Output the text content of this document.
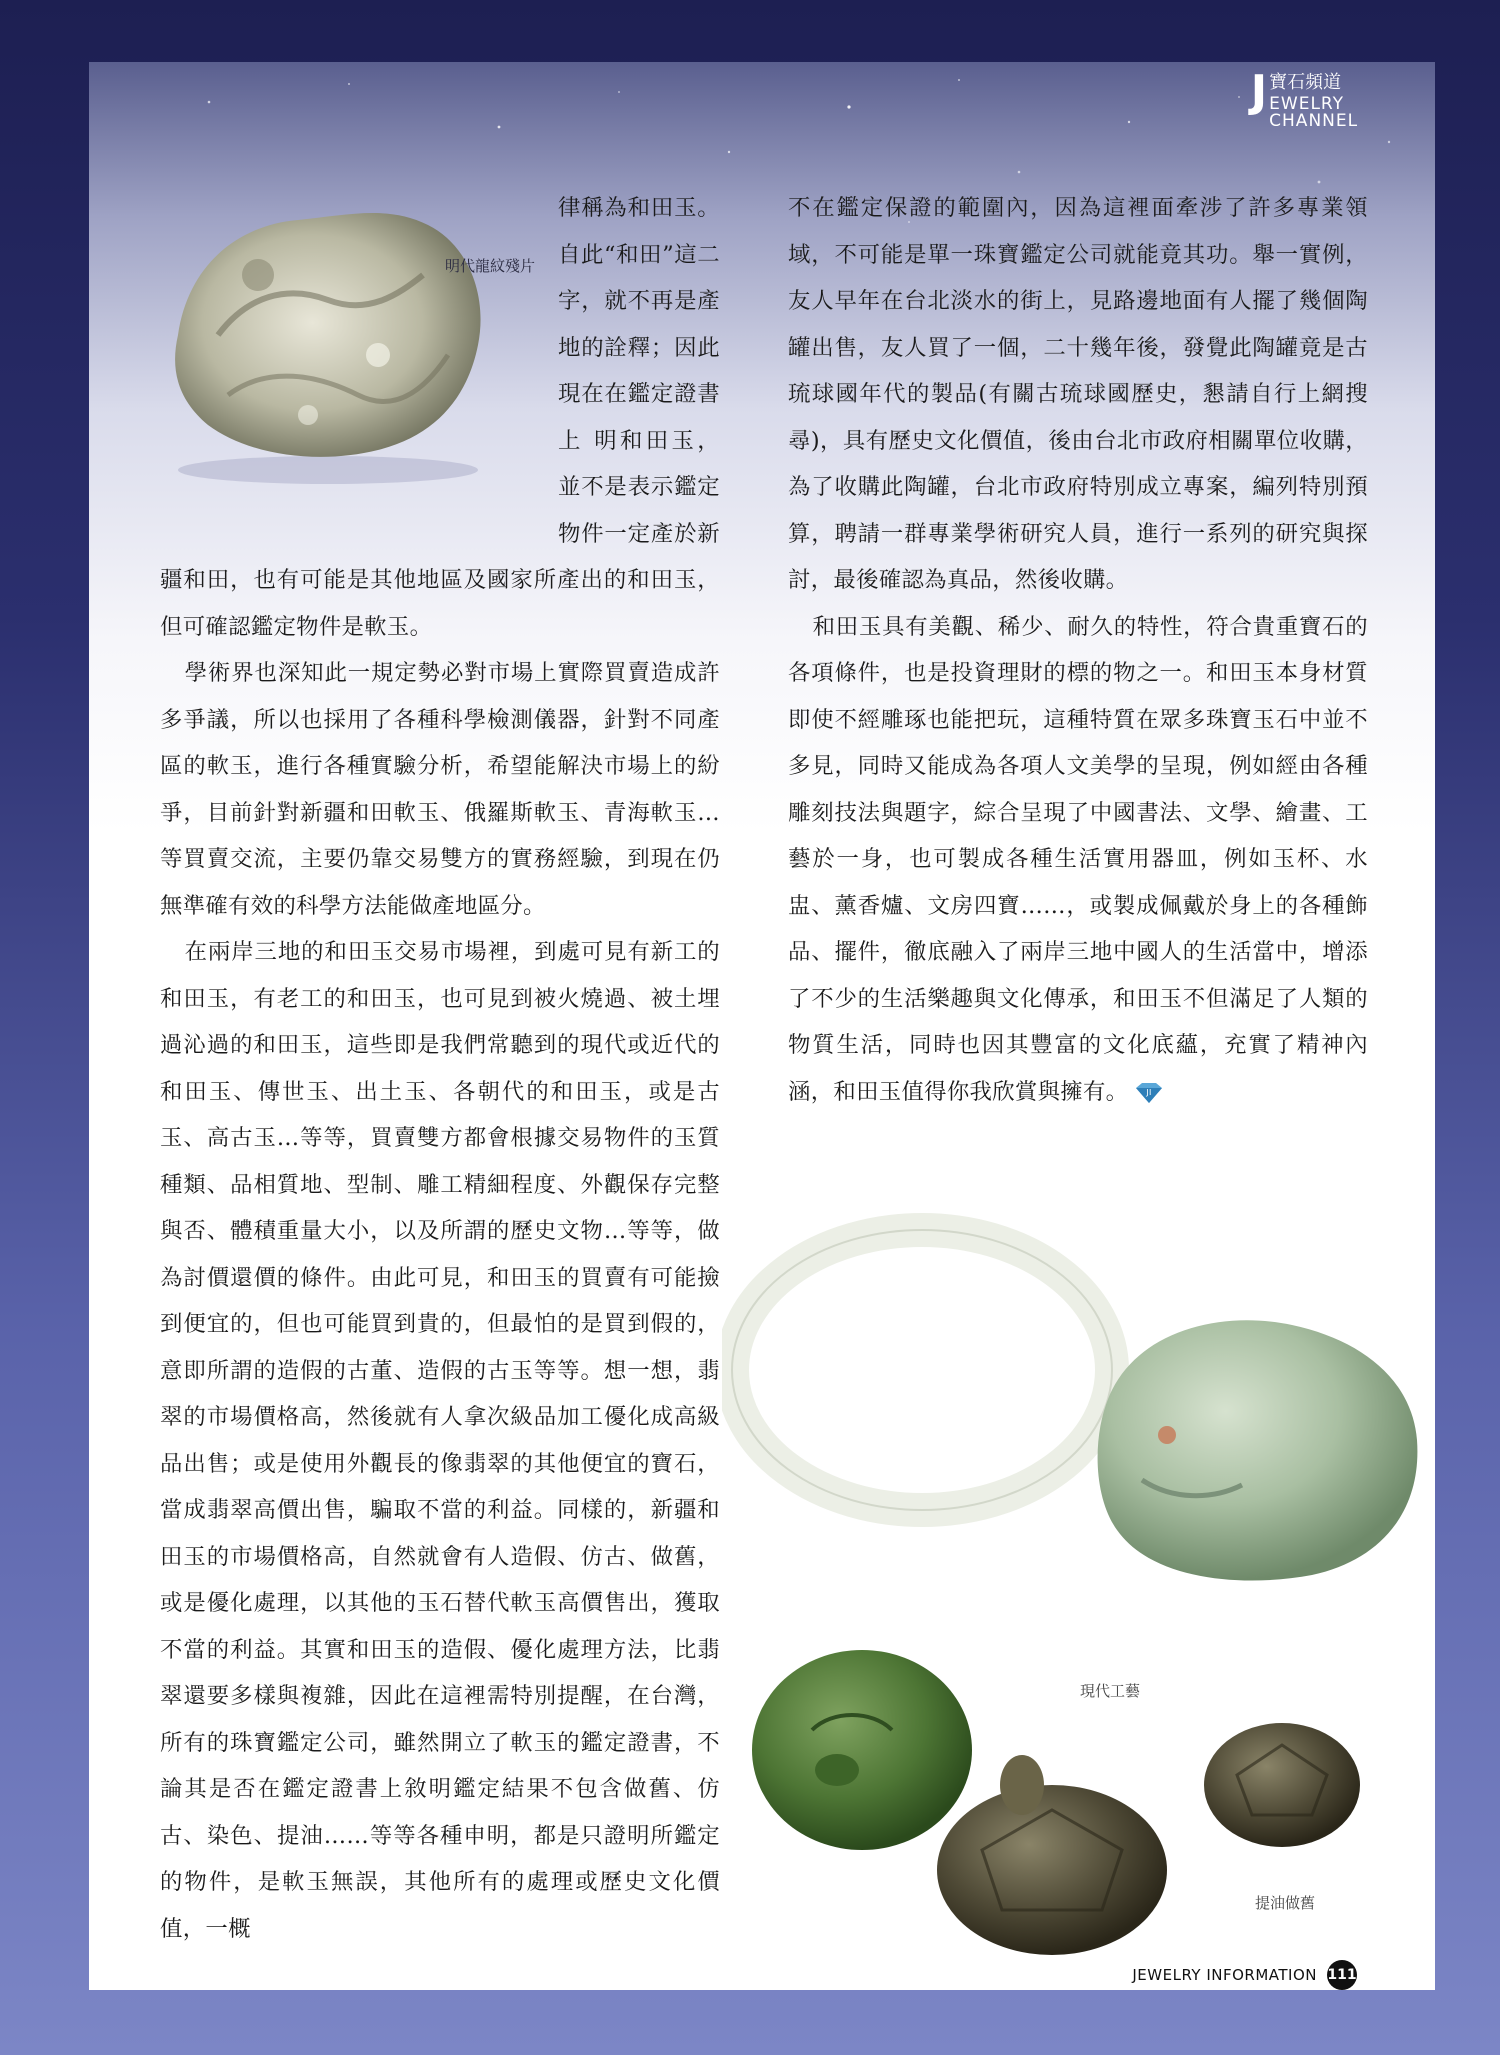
J 寶石頻道
EWELRY CHANNEL
明代龍紋殘片

律稱為和田玉。自此“和田”這二字，就不再是產地的詮釋；因此現在在鑑定證書上 明和田玉，並不是表示鑑定物件一定產於新疆和田，也有可能是其他地區及國家所產出的和田玉，但可確認鑑定物件是軟玉。

學術界也深知此一規定勢必對市場上實際買賣造成許多爭議，所以也採用了各種科學檢測儀器，針對不同產區的軟玉，進行各種實驗分析，希望能解決市場上的紛爭，目前針對新疆和田軟玉、俄羅斯軟玉、青海軟玉…等買賣交流，主要仍靠交易雙方的實務經驗，到現在仍無準確有效的科學方法能做產地區分。

在兩岸三地的和田玉交易市場裡，到處可見有新工的和田玉，有老工的和田玉，也可見到被火燒過、被土埋過沁過的和田玉，這些即是我們常聽到的現代或近代的和田玉、傳世玉、出土玉、各朝代的和田玉，或是古玉、高古玉…等等，買賣雙方都會根據交易物件的玉質種類、品相質地、型制、雕工精細程度、外觀保存完整與否、體積重量大小，以及所謂的歷史文物…等等，做為討價還價的條件。由此可見，和田玉的買賣有可能撿到便宜的，但也可能買到貴的，但最怕的是買到假的，意即所謂的造假的古董、造假的古玉等等。想一想，翡翠的市場價格高，然後就有人拿次級品加工優化成高級品出售；或是使用外觀長的像翡翠的其他便宜的寶石，當成翡翠高價出售，騙取不當的利益。同樣的，新疆和田玉的市場價格高，自然就會有人造假、仿古、做舊，或是優化處理，以其他的玉石替代軟玉高價售出，獲取不當的利益。其實和田玉的造假、優化處理方法，比翡翠還要多樣與複雜，因此在這裡需特別提醒，在台灣，所有的珠寶鑑定公司，雖然開立了軟玉的鑑定證書，不論其是否在鑑定證書上敘明鑑定結果不包含做舊、仿古、染色、提油……等等各種申明，都是只證明所鑑定的物件，是軟玉無誤，其他所有的處理或歷史文化價值，一概

不在鑑定保證的範圍內，因為這裡面牽涉了許多專業領域，不可能是單一珠寶鑑定公司就能竟其功。舉一實例，友人早年在台北淡水的街上，見路邊地面有人擺了幾個陶罐出售，友人買了一個，二十幾年後，發覺此陶罐竟是古琉球國年代的製品(有關古琉球國歷史，懇請自行上網搜尋)，具有歷史文化價值，後由台北市政府相關單位收購，為了收購此陶罐，台北市政府特別成立專案，編列特別預算，聘請一群專業學術研究人員，進行一系列的研究與探討，最後確認為真品，然後收購。

和田玉具有美觀、稀少、耐久的特性，符合貴重寶石的各項條件，也是投資理財的標的物之一。和田玉本身材質即使不經雕琢也能把玩，這種特質在眾多珠寶玉石中並不多見，同時又能成為各項人文美學的呈現，例如經由各種雕刻技法與題字，綜合呈現了中國書法、文學、繪畫、工藝於一身，也可製成各種生活實用器皿，例如玉杯、水盅、薰香爐、文房四寶……，或製成佩戴於身上的各種飾品、擺件，徹底融入了兩岸三地中國人的生活當中，增添了不少的生活樂趣與文化傳承，和田玉不但滿足了人類的物質生活，同時也因其豐富的文化底蘊，充實了精神內涵，和田玉值得你我欣賞與擁有。 JI

現代工藝
提油做舊
JEWELRY INFORMATION 111
